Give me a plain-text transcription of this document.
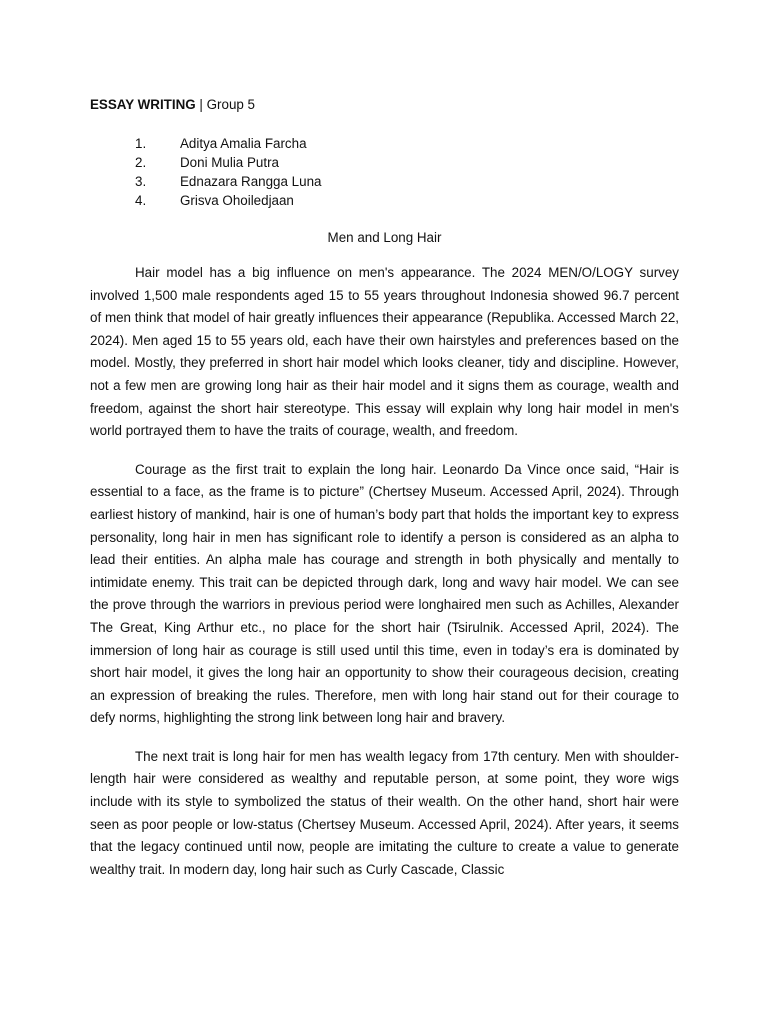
ESSAY WRITING | Group 5
1.	Aditya Amalia Farcha
2.	Doni Mulia Putra
3.	Ednazara Rangga Luna
4.	Grisva Ohoiledjaan
Men and Long Hair

Hair model has a big influence on men's appearance. The 2024 MEN/O/LOGY survey involved 1,500 male respondents aged 15 to 55 years throughout Indonesia showed 96.7 percent of men think that model of hair greatly influences their appearance (Republika. Accessed March 22, 2024). Men aged 15 to 55 years old, each have their own hairstyles and preferences based on the model. Mostly, they preferred in short hair model which looks cleaner, tidy and discipline. However, not a few men are growing long hair as their hair model and it signs them as courage, wealth and freedom, against the short hair stereotype. This essay will explain why long hair model in men's world portrayed them to have the traits of courage, wealth, and freedom.

Courage as the first trait to explain the long hair. Leonardo Da Vince once said, “Hair is essential to a face, as the frame is to picture” (Chertsey Museum. Accessed April, 2024). Through earliest history of mankind, hair is one of human’s body part that holds the important key to express personality, long hair in men has significant role to identify a person is considered as an alpha to lead their entities. An alpha male has courage and strength in both physically and mentally to intimidate enemy. This trait can be depicted through dark, long and wavy hair model. We can see the prove through the warriors in previous period were longhaired men such as Achilles, Alexander The Great, King Arthur etc., no place for the short hair (Tsirulnik. Accessed April, 2024). The immersion of long hair as courage is still used until this time, even in today’s era is dominated by short hair model, it gives the long hair an opportunity to show their courageous decision, creating an expression of breaking the rules. Therefore, men with long hair stand out for their courage to defy norms, highlighting the strong link between long hair and bravery.

The next trait is long hair for men has wealth legacy from 17th century. Men with shoulder-length hair were considered as wealthy and reputable person, at some point, they wore wigs include with its style to symbolized the status of their wealth. On the other hand, short hair were seen as poor people or low-status (Chertsey Museum. Accessed April, 2024). After years, it seems that the legacy continued until now, people are imitating the culture to create a value to generate wealthy trait. In modern day, long hair such as Curly Cascade, Classic
